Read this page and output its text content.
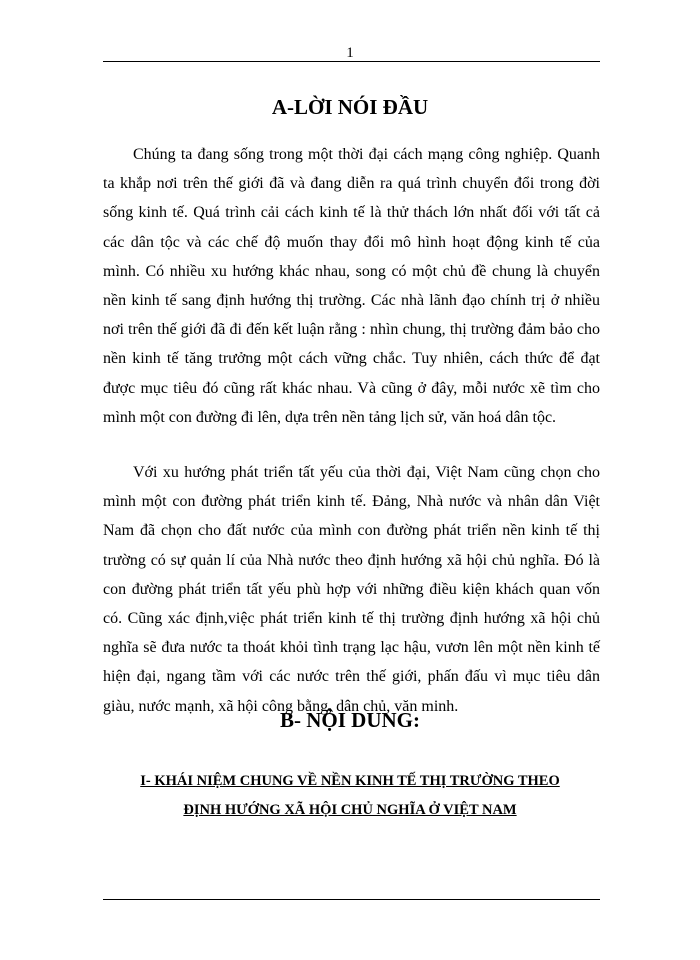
1
A-LỜI NÓI ĐẦU

Chúng ta đang sống trong một thời đại cách mạng công nghiệp. Quanh ta khắp nơi trên thế giới đã và đang diễn ra quá trình chuyển đổi trong đời sống kinh tế. Quá trình cải cách kinh tế là thử thách lớn nhất đối với tất cả các dân tộc và các chế độ muốn thay đổi mô hình hoạt động kinh tế của mình. Có nhiều xu hướng khác nhau, song có một chủ đề chung là chuyển nền kinh tế sang định hướng thị trường. Các nhà lãnh đạo chính trị ở nhiều nơi trên thế giới đã đi đến kết luận rằng : nhìn chung, thị trường đảm bảo cho nền kinh tế tăng trưởng một cách vững chắc. Tuy nhiên, cách thức để đạt được mục tiêu đó cũng rất khác nhau. Và cũng ở đây, mỗi nước xẽ tìm cho mình một con đường đi lên, dựa trên nền tảng lịch sử, văn hoá dân tộc.

Với xu hướng phát triển tất yếu của thời đại, Việt Nam cũng chọn cho mình một con đường phát triển kinh tế. Đảng, Nhà nước và nhân dân Việt Nam đã chọn cho đất nước của mình con đường phát triển nền kinh tế thị trường có sự quản lí của Nhà nước theo định hướng xã hội chủ nghĩa. Đó là con đường phát triển tất yếu phù hợp với những điều kiện khách quan vốn có. Cũng xác định,việc phát triển kinh tế thị trường định hướng xã hội chủ nghĩa sẽ đưa nước ta thoát khỏi tình trạng lạc hậu, vươn lên một nền kinh tế hiện đại, ngang tầm với các nước trên thế giới, phấn đấu vì mục tiêu dân giàu, nước mạnh, xã hội công bằng, dân chủ, văn minh.

B- NỘI DUNG:
I- KHÁI NIỆM CHUNG VỀ NỀN KINH TẾ THỊ TRƯỜNG THEO
ĐỊNH HƯỚNG XÃ HỘI CHỦ NGHĨA Ở VIỆT NAM
